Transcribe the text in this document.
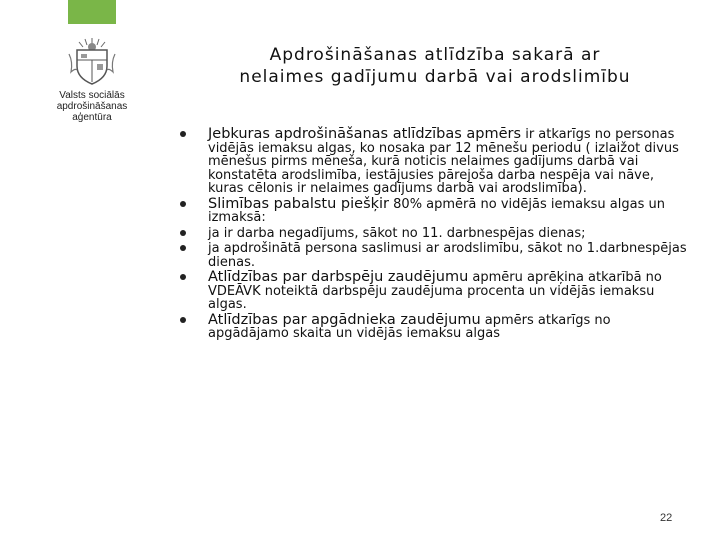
Valsts sociālās
apdrošināšanas
aģentūra
Apdrošināšanas atlīdzība sakarā ar
nelaimes gadījumu darbā vai arodslimību
Jebkuras apdrošināšanas atlīdzības apmērs ir atkarīgs no personas vidējās iemaksu algas, ko nosaka par 12 mēnešu periodu ( izlaižot divus mēnešus pirms mēneša, kurā noticis nelaimes gadījums darbā vai konstatēta arodslimība, iestājusies pārejoša darba nespēja vai nāve, kuras cēlonis ir nelaimes gadījums darbā vai arodslimība).
Slimības pabalstu piešķir 80% apmērā no vidējās iemaksu algas un izmaksā:
ja ir darba negadījums, sākot no 11. darbnespējas dienas;
ja apdrošinātā persona saslimusi ar arodslimību, sākot no 1.darbnespējas dienas.
Atlīdzības par darbspēju zaudējumu apmēru aprēķina atkarībā no VDEĀVK noteiktā darbspēju zaudējuma procenta un vidējās iemaksu algas.
Atlīdzības par apgādnieka zaudējumu apmērs atkarīgs no apgādājamo skaita un vidējās iemaksu algas
22
